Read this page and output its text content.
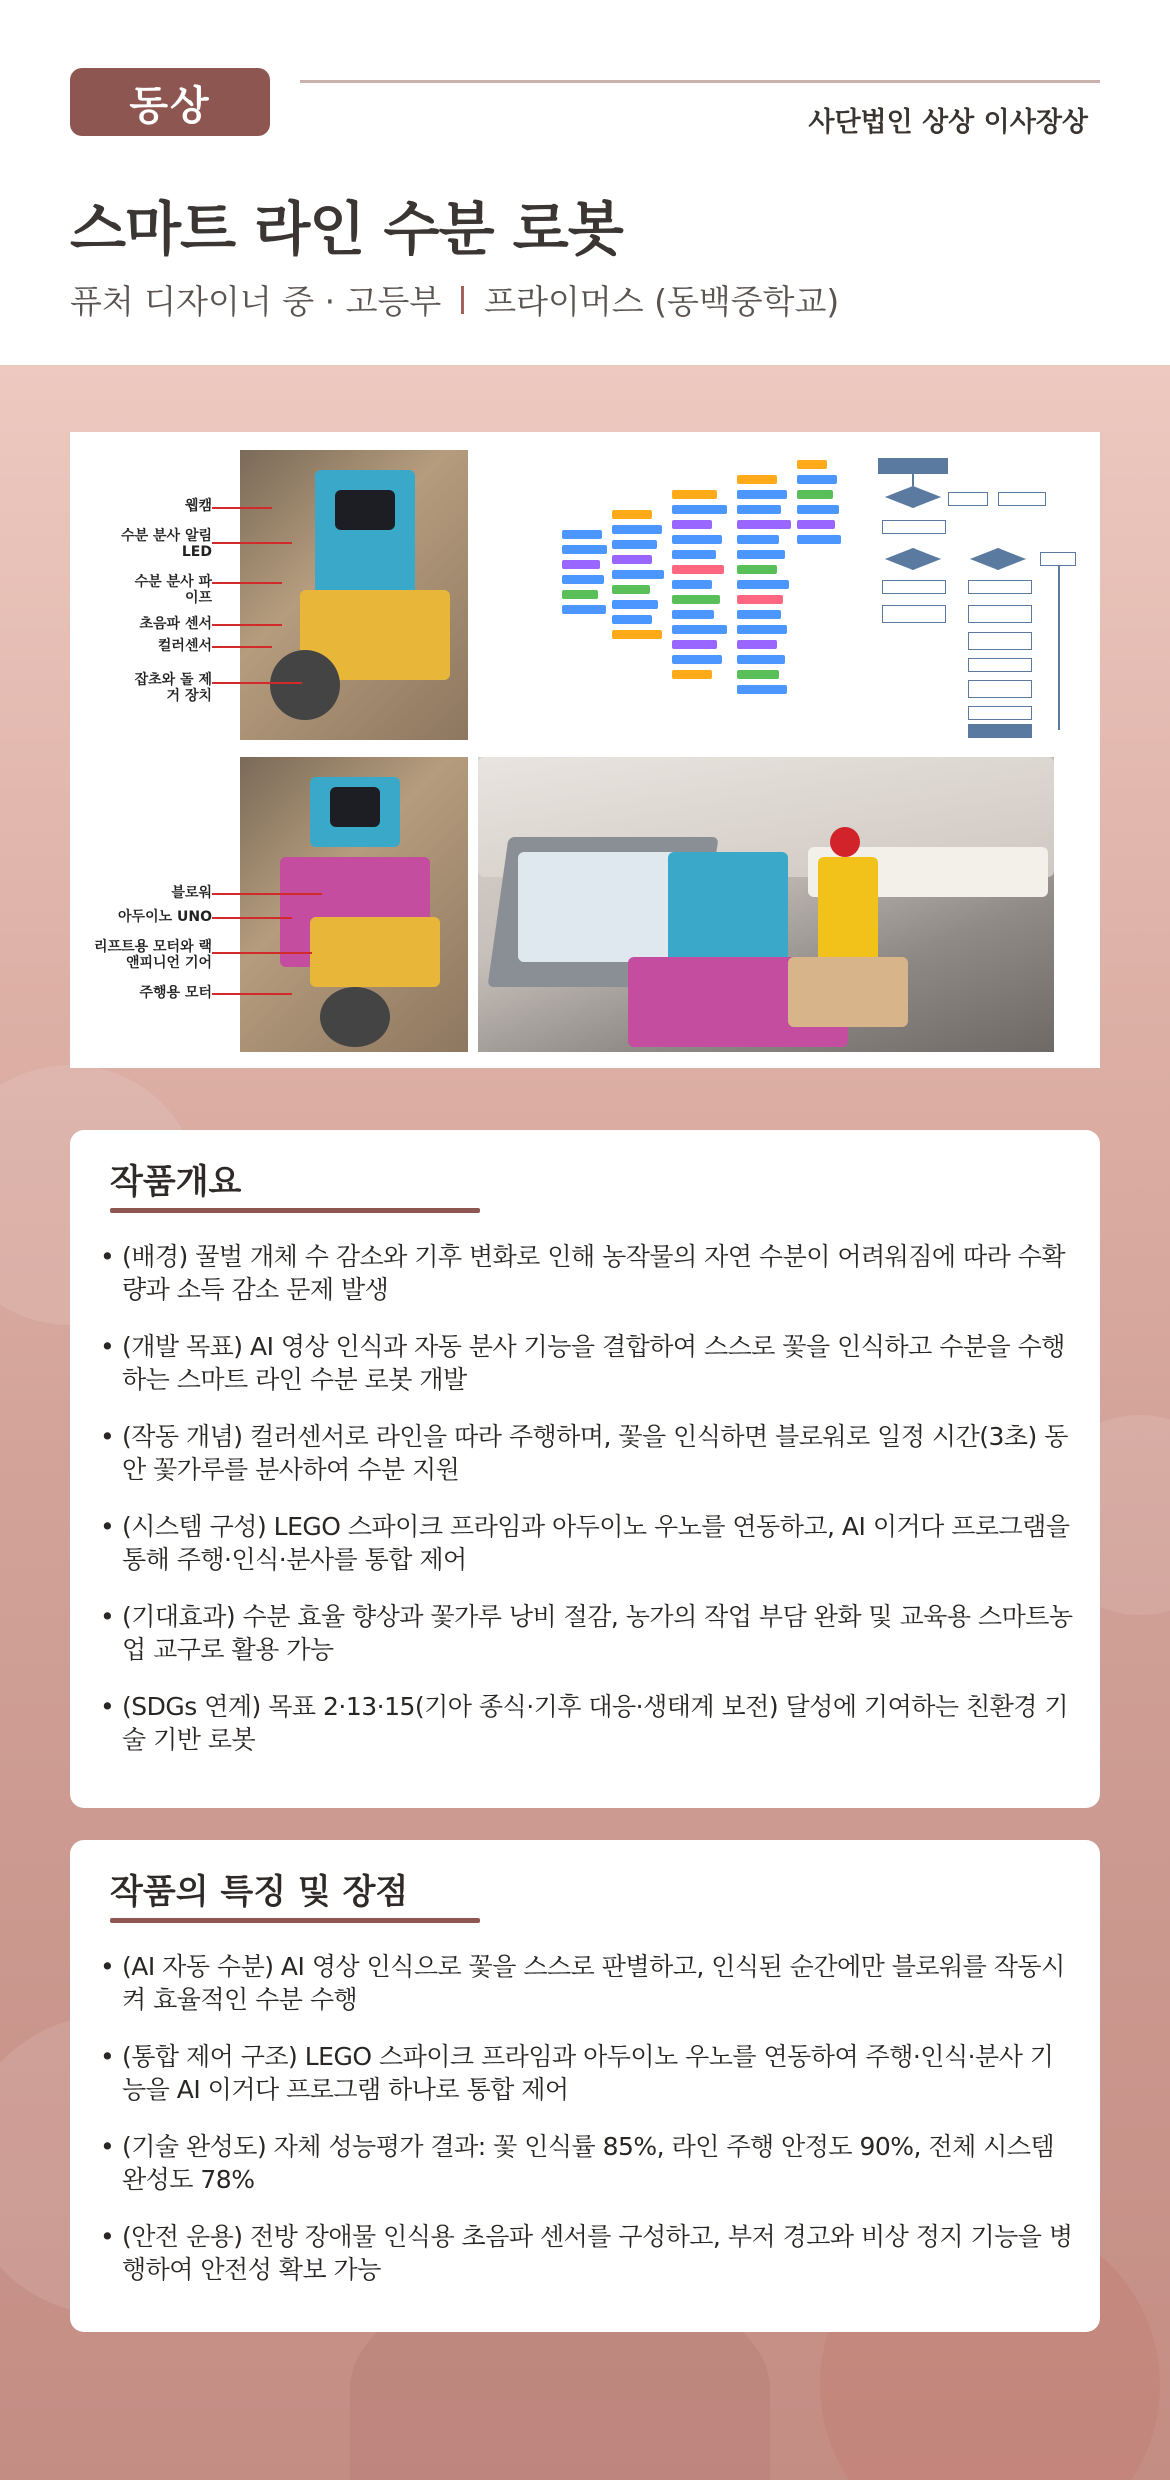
동상	사단법인 상상 이사장상
스마트 라인 수분 로봇
퓨처 디자이너 중 · 고등부 프라이머스 (동백중학교)
웹캠
수분 분사 알림 LED
수분 분사 파이프
초음파 센서
컬러센서
잡초와 돌 제거 장치
블로워
아두이노 UNO
리프트용 모터와 랙앤피니언 기어
주행용 모터
작품개요
• (배경) 꿀벌 개체 수 감소와 기후 변화로 인해 농작물의 자연 수분이 어려워짐에 따라 수확량과 소득 감소 문제 발생
• (개발 목표) AI 영상 인식과 자동 분사 기능을 결합하여 스스로 꽃을 인식하고 수분을 수행하는 스마트 라인 수분 로봇 개발
• (작동 개념) 컬러센서로 라인을 따라 주행하며, 꽃을 인식하면 블로워로 일정 시간(3초) 동안 꽃가루를 분사하여 수분 지원
• (시스템 구성) LEGO 스파이크 프라임과 아두이노 우노를 연동하고, AI 이거다 프로그램을 통해 주행·인식·분사를 통합 제어
• (기대효과) 수분 효율 향상과 꽃가루 낭비 절감, 농가의 작업 부담 완화 및 교육용 스마트농업 교구로 활용 가능
• (SDGs 연계) 목표 2·13·15(기아 종식·기후 대응·생태계 보전) 달성에 기여하는 친환경 기술 기반 로봇
작품의 특징 및 장점
• (AI 자동 수분) AI 영상 인식으로 꽃을 스스로 판별하고, 인식된 순간에만 블로워를 작동시켜 효율적인 수분 수행
• (통합 제어 구조) LEGO 스파이크 프라임과 아두이노 우노를 연동하여 주행·인식·분사 기능을 AI 이거다 프로그램 하나로 통합 제어
• (기술 완성도) 자체 성능평가 결과: 꽃 인식률 85%, 라인 주행 안정도 90%, 전체 시스템 완성도 78%
• (안전 운용) 전방 장애물 인식용 초음파 센서를 구성하고, 부저 경고와 비상 정지 기능을 병행하여 안전성 확보 가능
